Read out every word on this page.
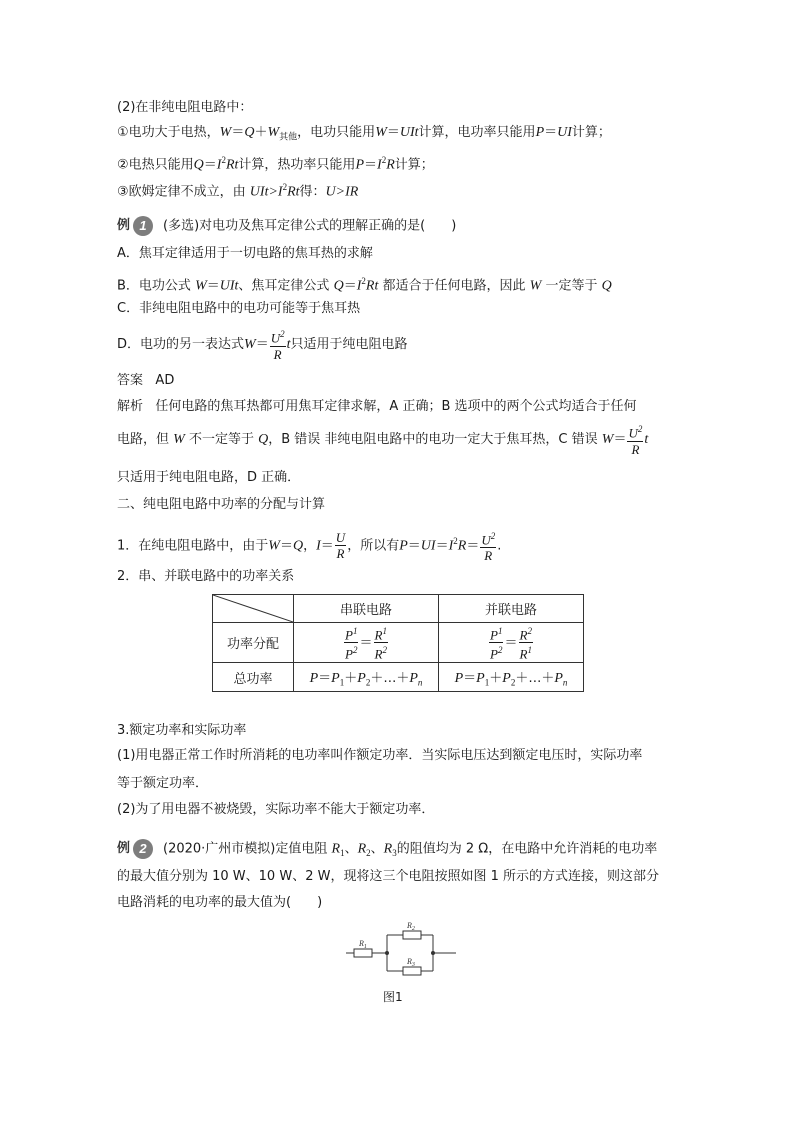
(2)在非纯电阻电路中：
①电功大于电热，$W=Q+W_{其他}$，电功只能用W＝UIt计算，电功率只能用P＝UI计算；
②电热只能用$Q=I^2Rt$计算，热功率只能用$P=I^2R$计算；
③欧姆定律不成立，由 $UIt>I^2Rt$得：U>IR
例 1	(多选)对电功及焦耳定律公式的理解正确的是(　　)
A．焦耳定律适用于一切电路的焦耳热的求解
B．电功公式 W＝UIt、焦耳定律公式 $Q=I^2Rt$ 都适合于任何电路，因此 W 一定等于 Q
C．非纯电阻电路中的电功可能等于焦耳热
D．电功的另一表达式$W= \frac{U^2}{R}$ t只适用于纯电阻电路
答案 AD
解析 任何电路的焦耳热都可用焦耳定律求解，A 正确；B 选项中的两个公式均适合于任何
电路，但 W 不一定等于 Q，B 错误 非纯电阻电路中的电功一定大于焦耳热，C 错误 $W= \frac{U^2}{R}$ t
只适用于纯电阻电路，D 正确．
二、纯电阻电路中功率的分配与计算
1．在纯电阻电路中，由于W＝Q，$I= \frac{U}{R}$ ，所以有$P=UI=I^2R= \frac{U^2}{R}$ .
2．串、并联电路中的功率关系
	串联电路	并联电路
功率分配	$\frac{P^1}{P^2} = \frac{R^1}{R^2}$	$\frac{P^1}{P^2} = \frac{R^2}{R^1}$

总功率	$P=P_1+P_2+\dots+P_n$	$P=P_1+P_2+\dots+P_n$
3.额定功率和实际功率
(1)用电器正常工作时所消耗的电功率叫作额定功率．当实际电压达到额定电压时，实际功率
等于额定功率．
(2)为了用电器不被烧毁，实际功率不能大于额定功率．
例 2	(2020·广州市模拟)定值电阻 $R_1$、$R_2$、$R_3$的阻值均为 2 Ω，在电路中允许消耗的电功率
的最大值分别为 10 W、10 W、2 W，现将这三个电阻按照如图 1 所示的方式连接，则这部分
电路消耗的电功率的最大值为(　　)
$R_1$
$R_2$
$R_3$
图1
